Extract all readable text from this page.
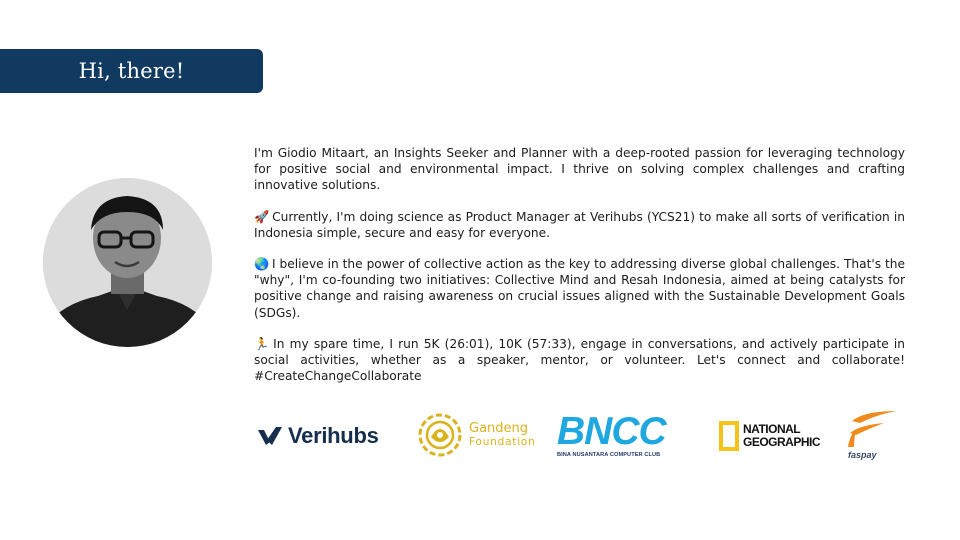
Hi, there!

I'm Giodio Mitaart, an Insights Seeker and Planner with a deep-rooted passion for leveraging technology for positive social and environmental impact. I thrive on solving complex challenges and crafting innovative solutions.

🚀 Currently, I'm doing science as Product Manager at Verihubs (YCS21) to make all sorts of verification in Indonesia simple, secure and easy for everyone.

🌏 I believe in the power of collective action as the key to addressing diverse global challenges. That's the "why", I'm co-founding two initiatives: Collective Mind and Resah Indonesia, aimed at being catalysts for positive change and raising awareness on crucial issues aligned with the Sustainable Development Goals (SDGs).

🏃 In my spare time, I run 5K (26:01), 10K (57:33), engage in conversations, and actively participate in social activities, whether as a speaker, mentor, or volunteer. Let's connect and collaborate! #CreateChangeCollaborate

Verihubs	Gandeng
Foundation BNCC
BINA NUSANTARA COMPUTER CLUB
NATIONAL
GEOGRAPHIC
faspay
